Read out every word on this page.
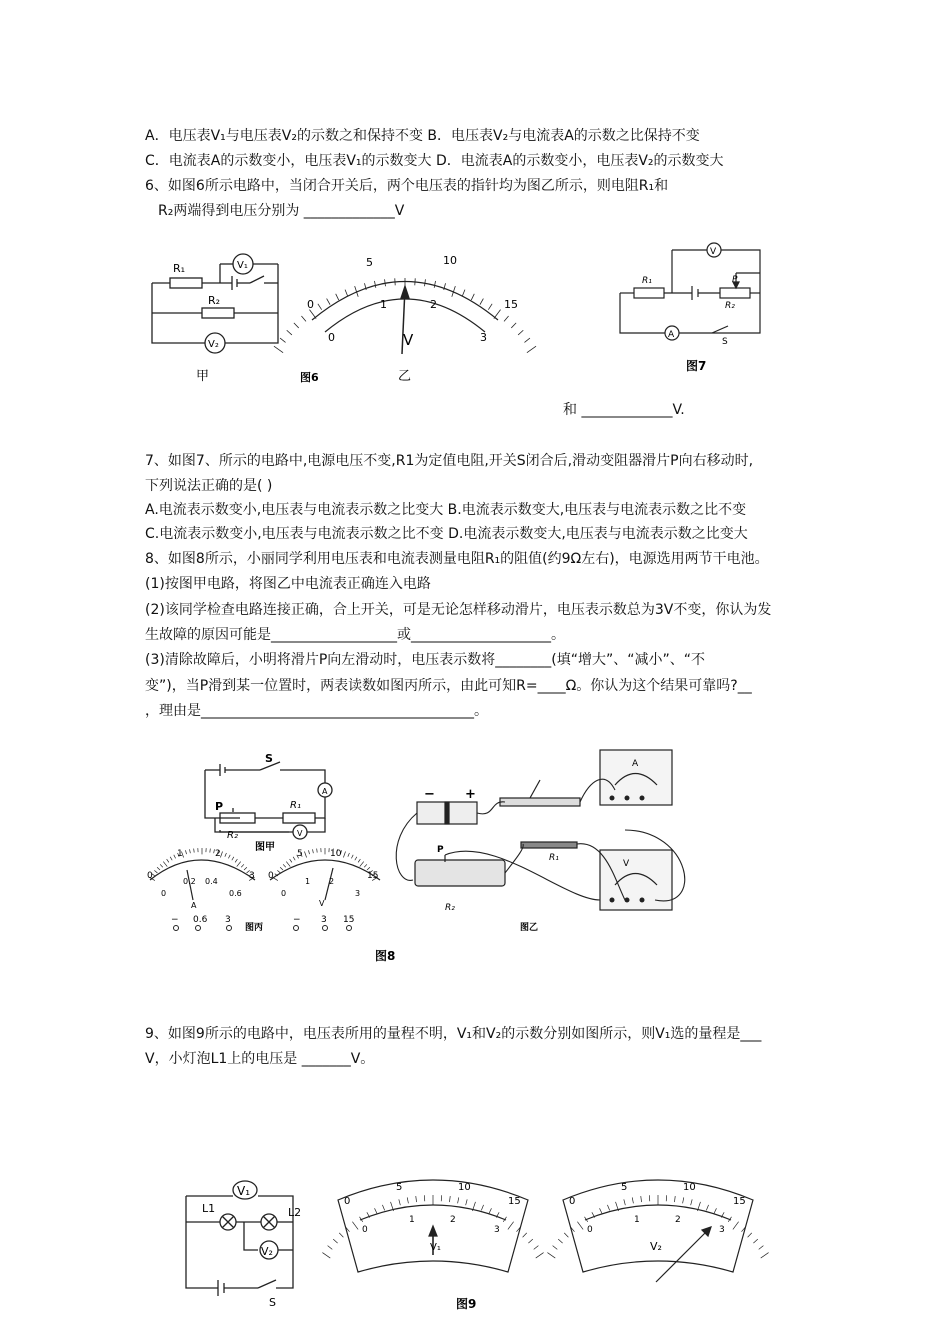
A．电压表V₁与电压表V₂的示数之和保持不变 B．电压表V₂与电流表A的示数之比保持不变
C．电流表A的示数变小，电压表V₁的示数变大 D．电流表A的示数变小，电压表V₂的示数变大
6、如图6所示电路中，当闭合开关后，两个电压表的指针均为图乙所示，则电阻R₁和
R₂两端得到电压分别为 _____________V
和 _____________V.
7、如图7、所示的电路中,电源电压不变,R1为定值电阻,开关S闭合后,滑动变阻器滑片P向右移动时,
下列说法正确的是( )
A.电流表示数变小,电压表与电流表示数之比变大 B.电流表示数变大,电压表与电流表示数之比不变
C.电流表示数变小,电压表与电流表示数之比不变 D.电流表示数变大,电压表与电流表示数之比变大
8、如图8所示，小丽同学利用电压表和电流表测量电阻R₁的阻值(约9Ω左右)，电源选用两节干电池。
(1)按图甲电路，将图乙中电流表正确连入电路
(2)该同学检查电路连接正确，合上开关，可是无论怎样移动滑片，电压表示数总为3V不变，你认为发
生故障的原因可能是__________________或____________________。
(3)清除故障后，小明将滑片P向左滑动时，电压表示数将________(填“增大”、“减小”、“不
变”)，当P滑到某一位置时，两表读数如图丙所示，由此可知R=____Ω。你认为这个结果可靠吗?__
，理由是_______________________________________。
9、如图9所示的电路中，电压表所用的量程不明，V₁和V₂的示数分别如图所示，则V₁选的量程是___
V，小灯泡L1上的电压是 _______V。
R₁	V₁
R₂
V₂
甲	图6
0
5	10
15
0
1	2
3
V
乙
V
A
R₁
R₂
P
S
图7
S
P	R₁
R₂
A
V
图甲
0
1	2
3
0
0.2 0.4
0.6
A
− 0.6 3
0
5	10
15
0
1 2
3
V
− 3 15
图丙
− +
A
V
R₁
P
R₂
图乙
图8
V₁
V₂
L1	L2
S
0
5	10
15
0
1	2
3
V₁
0
5	10
15
0
1	2
3
V₂
图9
